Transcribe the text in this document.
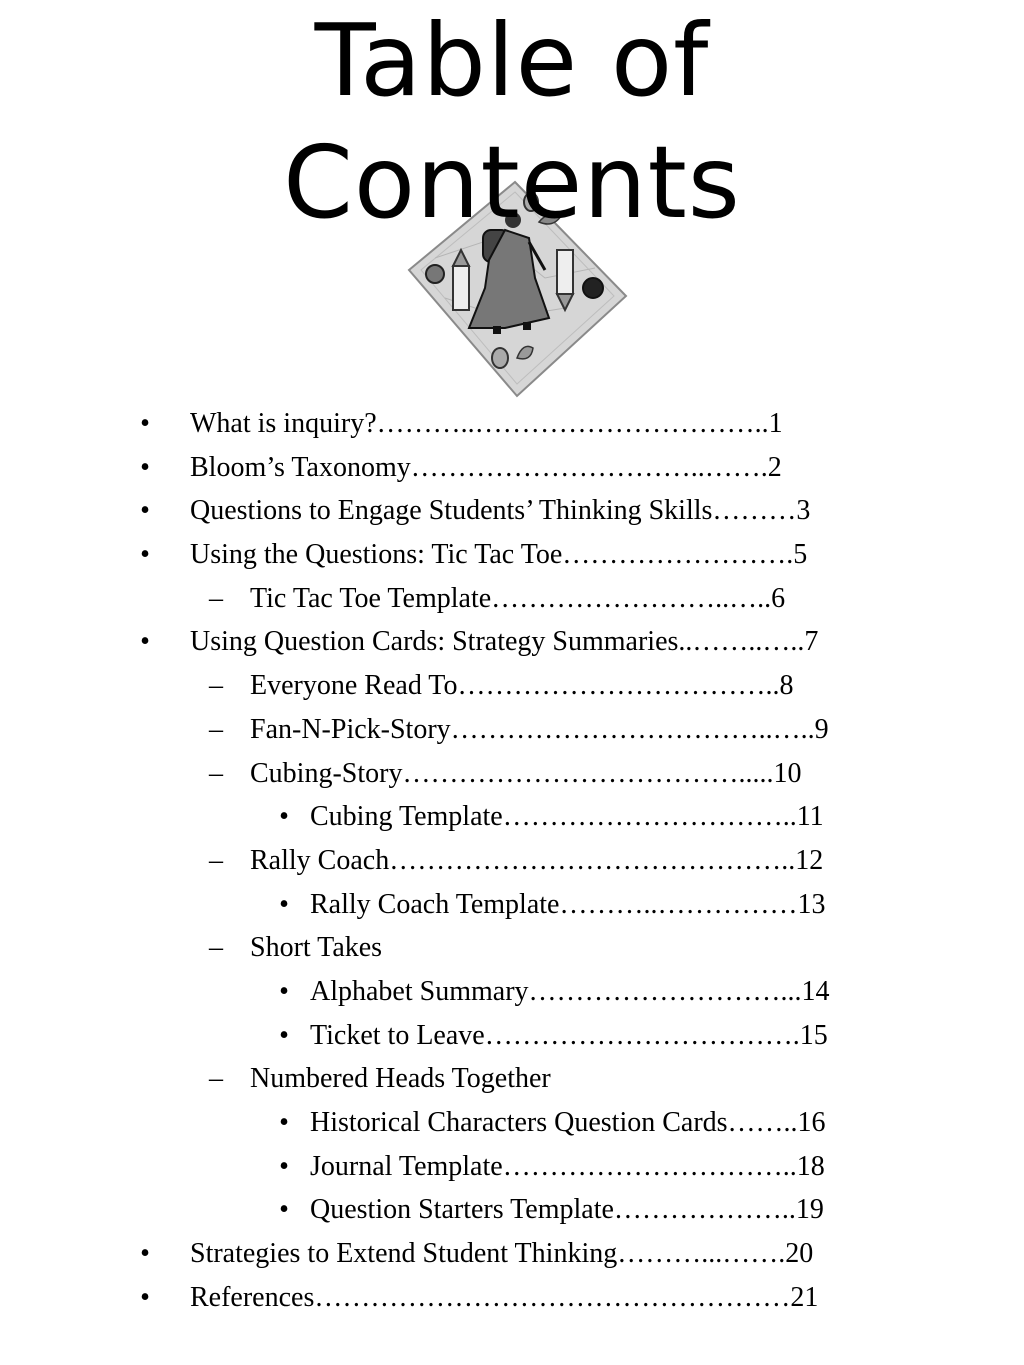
Table of
Contents
• What is inquiry?………..…………………………..1
• Bloom’s Taxonomy…………………………..…….2
• Questions to Engage Students’ Thinking Skills………3
• Using the Questions: Tic Tac Toe…………………….5
– Tic Tac Toe Template……………………..…..6
• Using Question Cards: Strategy Summaries..……..…..7
– Everyone Read To……………………………..8
– Fan-N-Pick-Story……………………………..…..9
– Cubing-Story……………………………….....10
• Cubing Template…………………………..11
– Rally Coach……………………………………..12
• Rally Coach Template………..……………13
– Short Takes
• Alphabet Summary………………………...14
• Ticket to Leave…………………………….15
– Numbered Heads Together
• Historical Characters Question Cards……..16
• Journal Template…………………………..18
• Question Starters Template………………..19
• Strategies to Extend Student Thinking………...…….20
• References……………………………………………21
